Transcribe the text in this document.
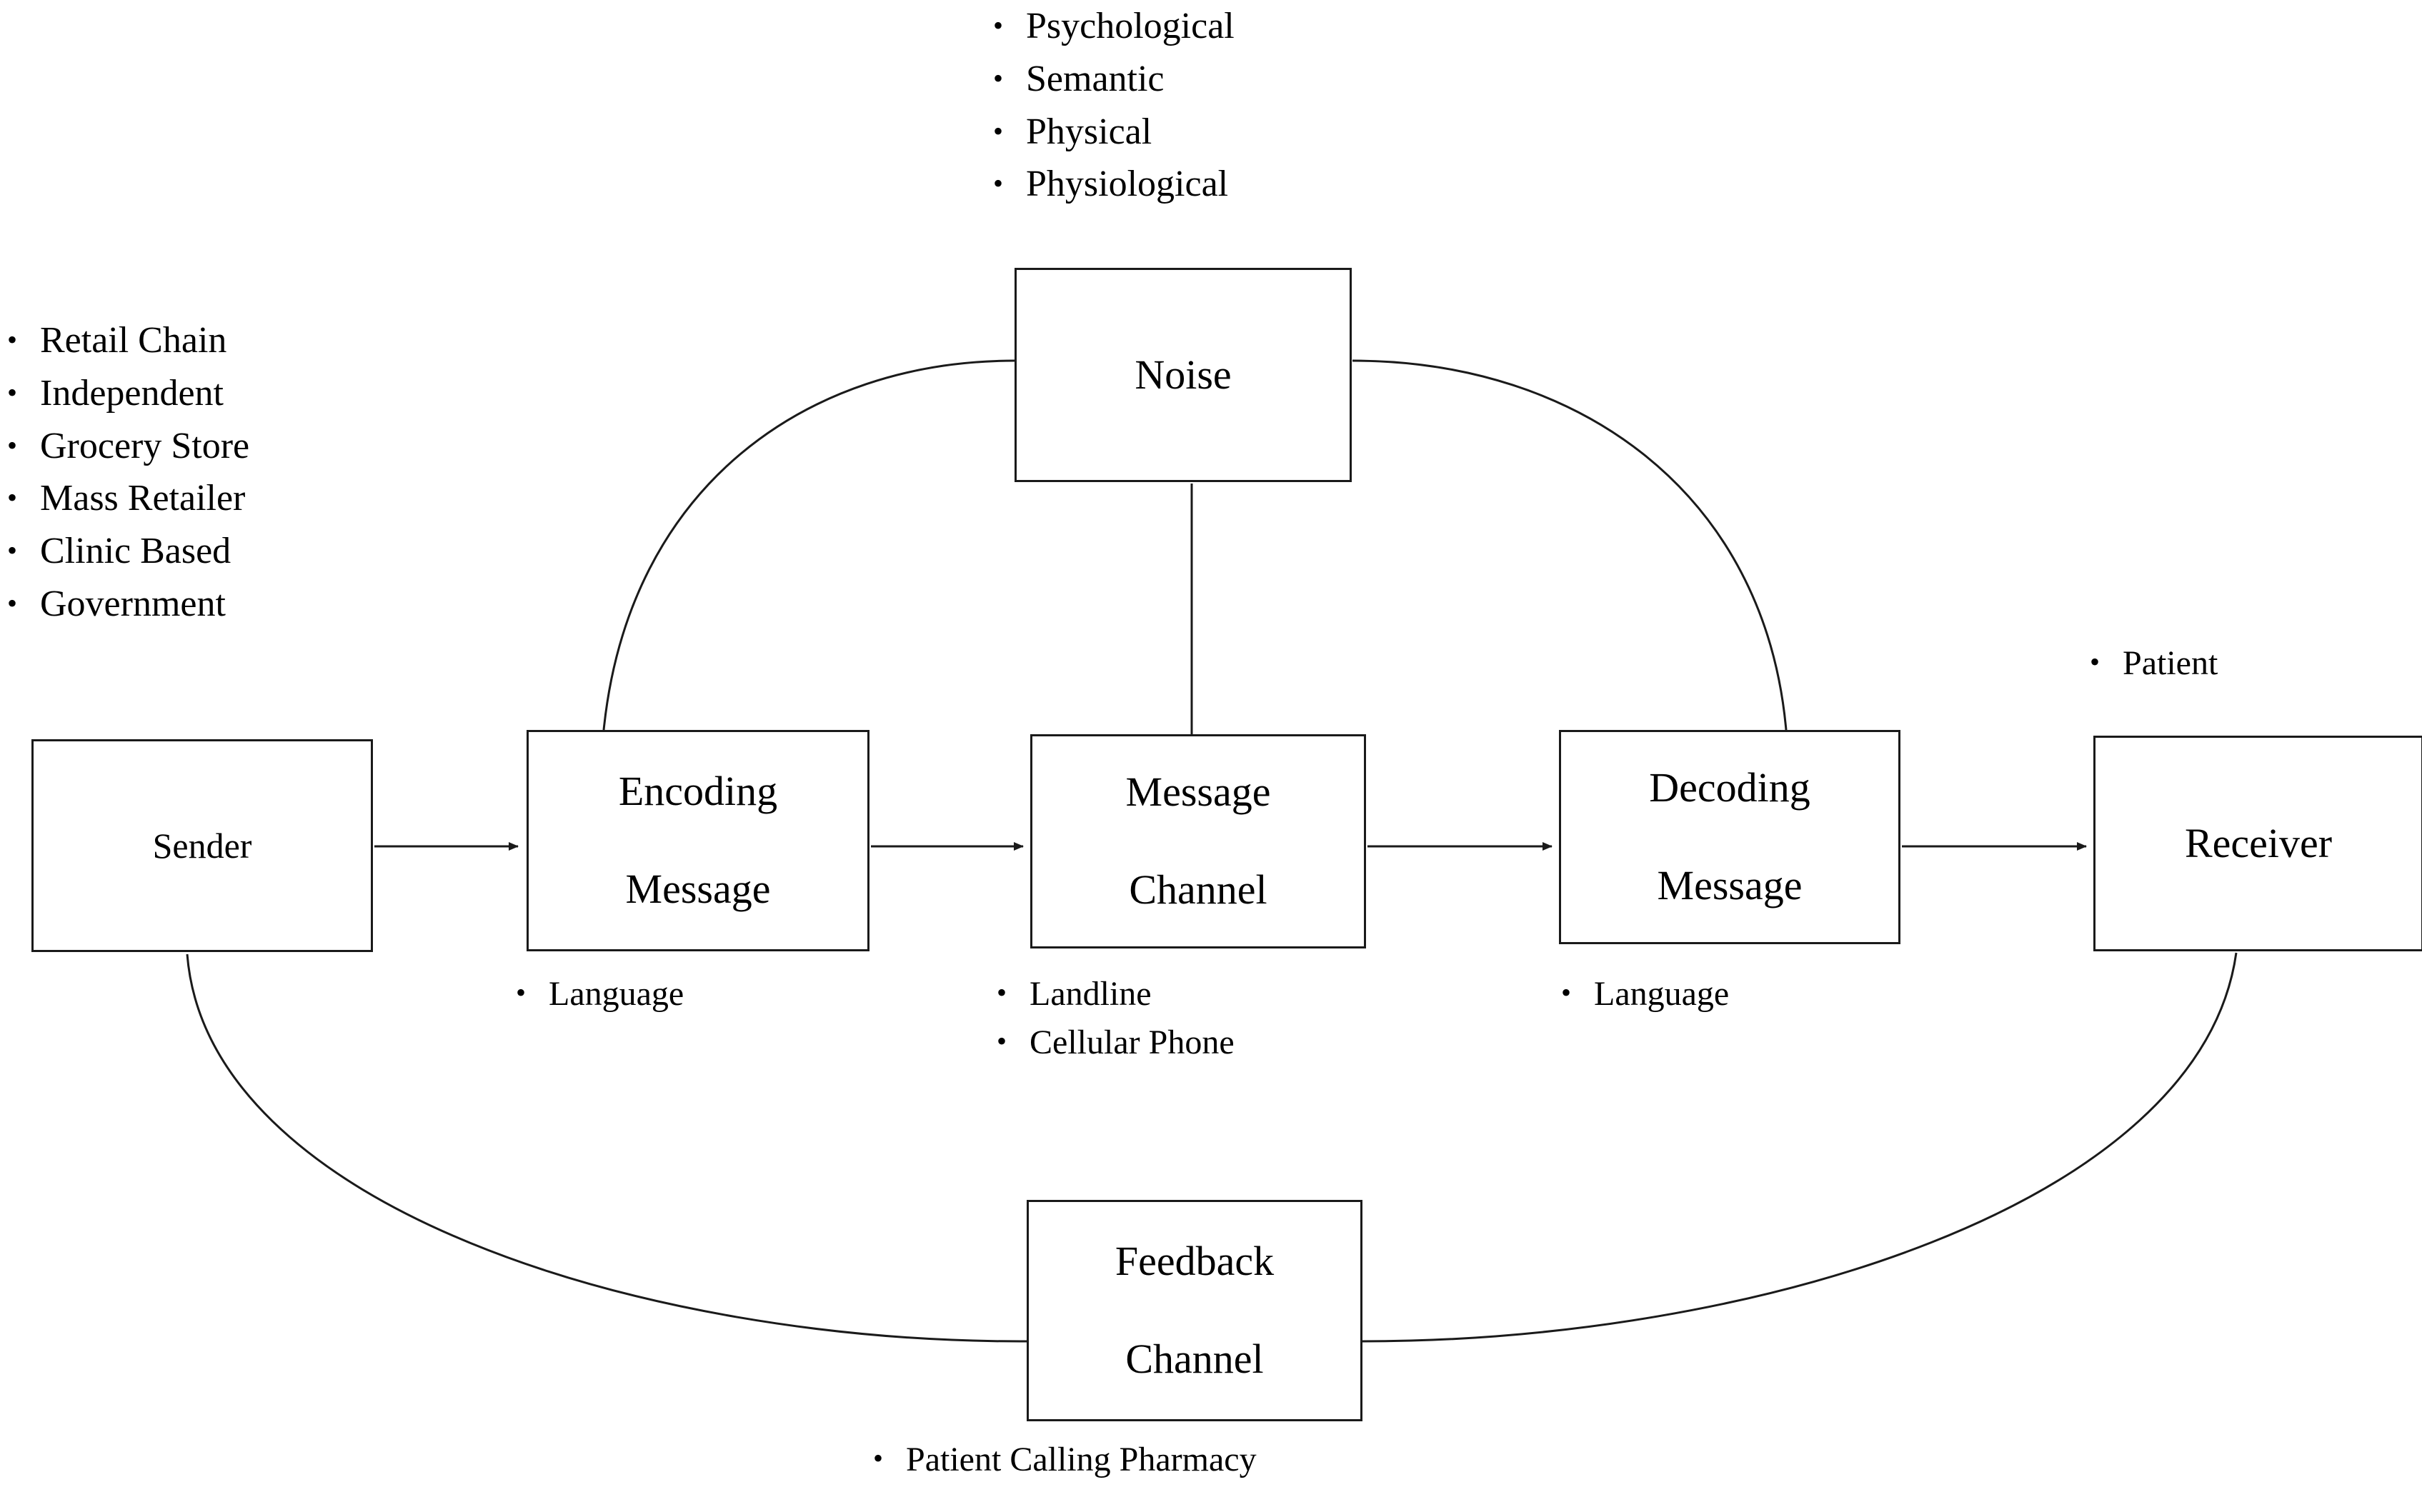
Sender
Encoding

Message
Message

Channel
Decoding

Message
Receiver
Noise
Feedback

Channel
• Psychological
• Semantic
• Physical
• Physiological
• Retail Chain
• Independent
• Grocery Store
• Mass Retailer
• Clinic Based
• Government
• Language	• Landline
• Cellular Phone
• Language
• Patient
• Patient Calling Pharmacy
